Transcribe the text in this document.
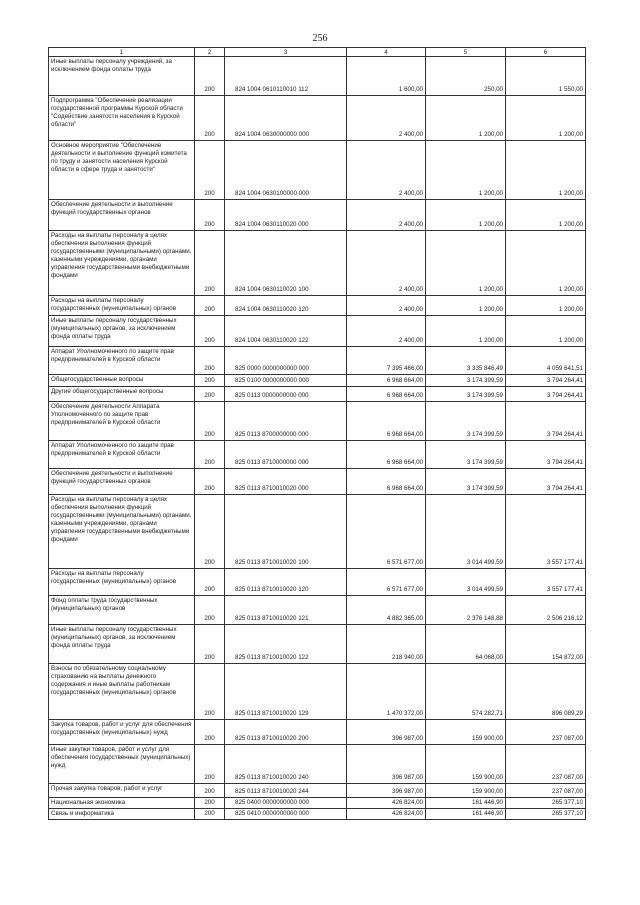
256
1	2	3	4	5	6

Иные выплаты персоналу учреждений, за исключением фонда оплаты труда	200	824 1004 0610110010 112	1 600,00	250,00	1 550,00

Подпрограмма "Обеспечение реализации государственной программы Курской области "Содействие занятости населения в Курской области"	200	824 1004 0630000000 000	2 400,00	1 200,00	1 200,00

Основное мероприятие "Обеспечение деятельности и выполнение функций комитета по труду и занятости населения Курской области в сфере труда и занятости"	200	824 1004 0630100000 000	2 400,00	1 200,00	1 200,00

Обеспечение деятельности и выполнение функций государственных органов	200	824 1004 0630110020 000	2 400,00	1 200,00	1 200,00

Расходы на выплаты персоналу в целях обеспечения выполнения функций государственными (муниципальными) органами, казенными учреждениями, органами управления государственными внебюджетными фондами	200	824 1004 0630110020 100	2 400,00	1 200,00	1 200,00

Расходы на выплаты персоналу государственных (муниципальных) органов	200	824 1004 0630110020 120	2 400,00	1 200,00	1 200,00

Иные выплаты персоналу государственных (муниципальных) органов, за исключением фонда оплаты труда	200	824 1004 0630110020 122	2 400,00	1 200,00	1 200,00

Аппарат Уполномоченного по защите прав предпринимателей в Курской области	200	825 0000 0000000000 000	7 395 466,00	3 335 846,49	4 059 641,51

Общегосударственные вопросы	200	825 0100 0000000000 000	6 968 664,00	3 174 399,59	3 794 264,41

Другие общегосударственные вопросы	200	825 0113 0000000000 000	6 968 664,00	3 174 399,59	3 794 264,41

Обеспечение деятельности Аппарата Уполномоченного по защите прав предпринимателей в Курской области	200	825 0113 8700000000 000	6 968 664,00	3 174 399,59	3 794 264,41

Аппарат Уполномоченного по защите прав предпринимателей в Курской области	200	825 0113 8710000000 000	6 968 664,00	3 174 399,59	3 794 264,41

Обеспечение деятельности и выполнение функций государственных органов	200	825 0113 8710010020 000	6 968 664,00	3 174 399,59	3 794 264,41

Расходы на выплаты персоналу в целях обеспечения выполнения функций государственными (муниципальными) органами, казенными учреждениями, органами управления государственными внебюджетными фондами	200	825 0113 8710010020 100	6 571 677,00	3 014 499,59	3 557 177,41

Расходы на выплаты персоналу государственных (муниципальных) органов	200	825 0113 8710010020 120	6 571 677,00	3 014 499,59	3 557 177,41

Фонд оплаты труда государственных (муниципальных) органов	200	825 0113 8710010020 121	4 882 365,00	2 376 148,88	2 506 216,12

Иные выплаты персоналу государственных (муниципальных) органов, за исключением фонда оплаты труда	200	825 0113 8710010020 122	218 940,00	64 068,00	154 872,00

Взносы по обязательному социальному страхованию на выплаты денежного содержания и иные выплаты работникам государственных (муниципальных) органов	200	825 0113 8710010020 129	1 470 372,00	574 282,71	896 089,29

Закупка товаров, работ и услуг для обеспечения государственных (муниципальных) нужд	200	825 0113 8710010020 200	396 987,00	159 900,00	237 087,00

Иные закупки товаров, работ и услуг для обеспечения государственных (муниципальных) нужд	200	825 0113 8710010020 240	396 987,00	159 900,00	237 087,00

Прочая закупка товаров, работ и услуг	200	825 0113 8710010020 244	396 987,00	159 900,00	237 087,00

Национальная экономика	200	825 0400 0000000000 000	426 824,00	161 446,90	265 377,10

Связь и информатика	200	825 0410 0000000000 000	426 824,00	161 446,90	265 377,10
